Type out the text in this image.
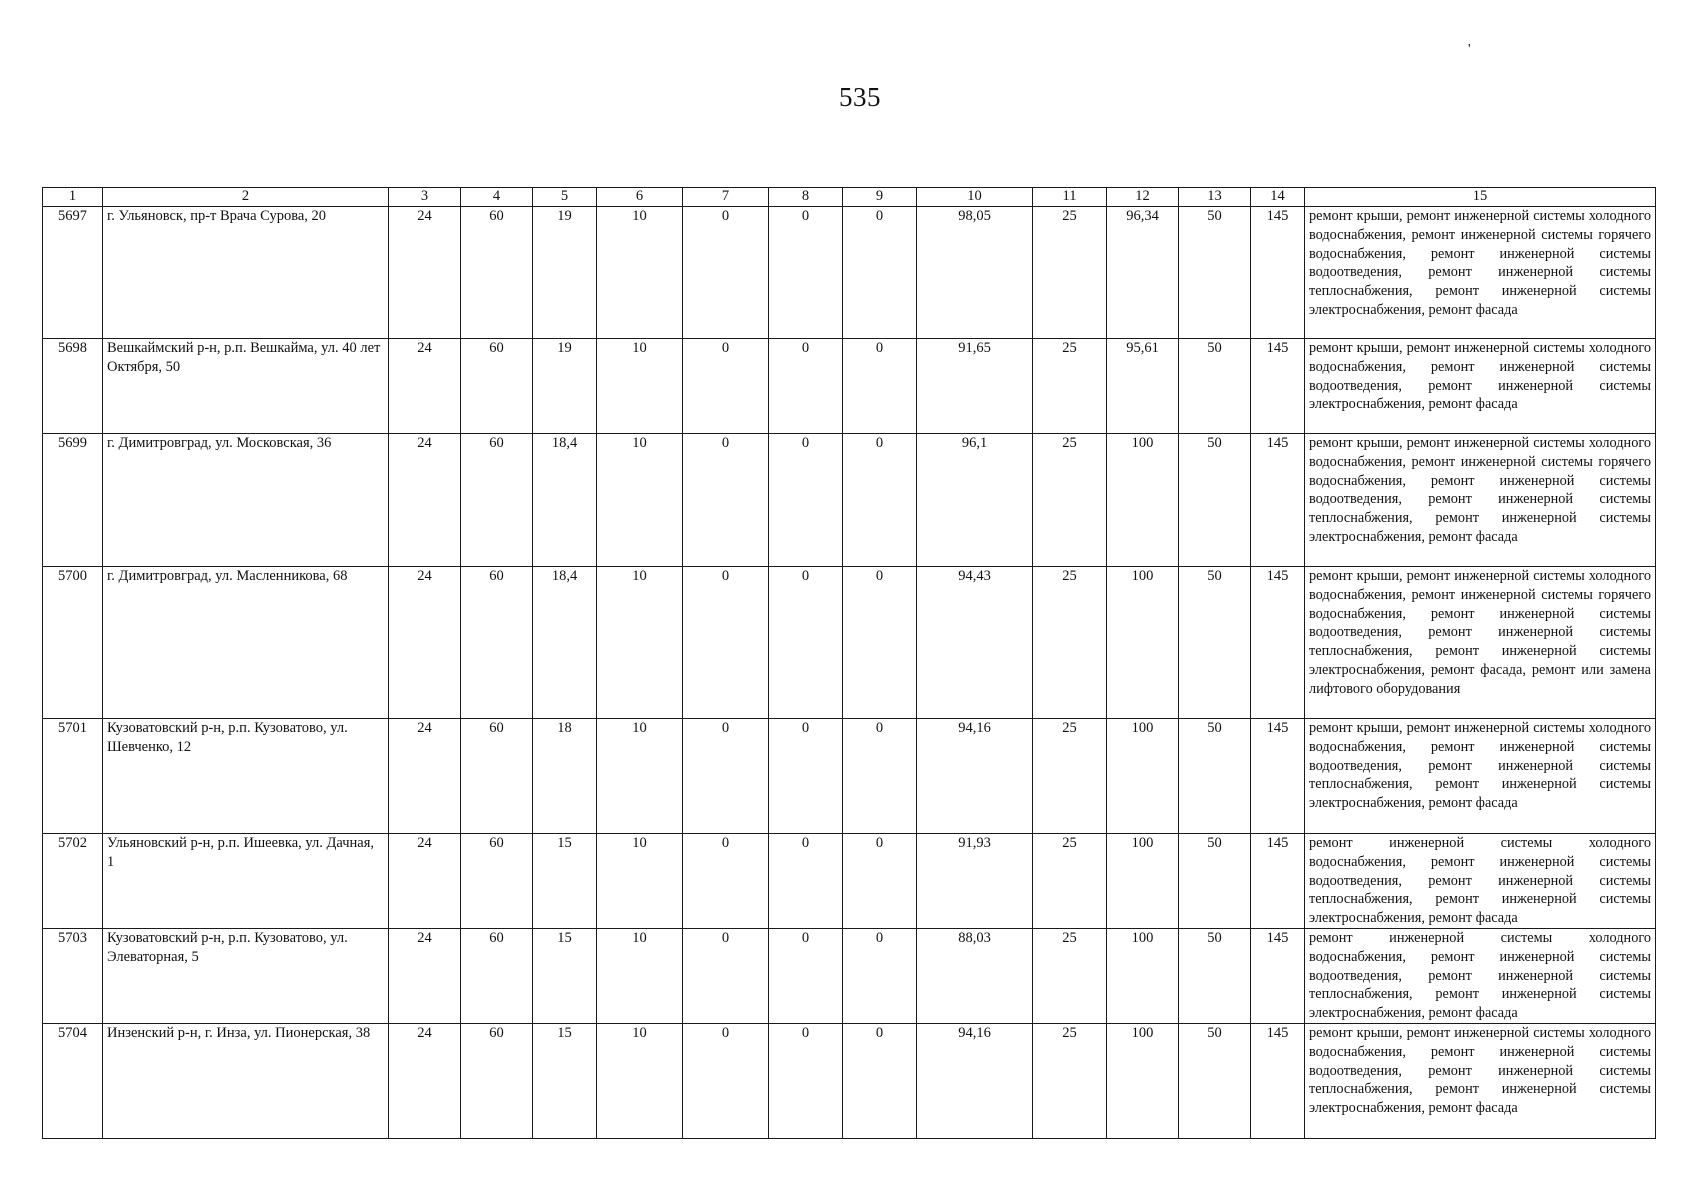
'
535
1	2	3	4	5	6	7	8	9	10	11	12	13	14	15
5697	г. Ульяновск, пр-т Врача Сурова, 20	24	60	19	10	0	0	0	98,05	25	96,34	50	145	ремонт крыши, ремонт инженерной системы холодного водоснабжения, ремонт инженерной системы горячего водоснабжения, ремонт инженерной системы водоотведения, ремонт инженерной системы теплоснабжения, ремонт инженерной системы электроснабжения, ремонт фасада
5698	Вешкаймский р-н, р.п. Вешкайма, ул. 40 лет Октября, 50	24	60	19	10	0	0	0	91,65	25	95,61	50	145	ремонт крыши, ремонт инженерной системы холодного водоснабжения, ремонт инженерной системы водоотведения, ремонт инженерной системы электроснабжения, ремонт фасада
5699	г. Димитровград, ул. Московская, 36	24	60	18,4	10	0	0	0	96,1	25	100	50	145	ремонт крыши, ремонт инженерной системы холодного водоснабжения, ремонт инженерной системы горячего водоснабжения, ремонт инженерной системы водоотведения, ремонт инженерной системы теплоснабжения, ремонт инженерной системы электроснабжения, ремонт фасада
5700	г. Димитровград, ул. Масленникова, 68	24	60	18,4	10	0	0	0	94,43	25	100	50	145	ремонт крыши, ремонт инженерной системы холодного водоснабжения, ремонт инженерной системы горячего водоснабжения, ремонт инженерной системы водоотведения, ремонт инженерной системы теплоснабжения, ремонт инженерной системы электроснабжения, ремонт фасада, ремонт или замена лифтового оборудования
5701	Кузоватовский р-н, р.п. Кузоватово, ул. Шевченко, 12	24	60	18	10	0	0	0	94,16	25	100	50	145	ремонт крыши, ремонт инженерной системы холодного водоснабжения, ремонт инженерной системы водоотведения, ремонт инженерной системы теплоснабжения, ремонт инженерной системы электроснабжения, ремонт фасада
5702	Ульяновский р-н, р.п. Ишеевка, ул. Дачная, 1	24	60	15	10	0	0	0	91,93	25	100	50	145	ремонт инженерной системы холодного водоснабжения, ремонт инженерной системы водоотведения, ремонт инженерной системы теплоснабжения, ремонт инженерной системы электроснабжения, ремонт фасада
5703	Кузоватовский р-н, р.п. Кузоватово, ул. Элеваторная, 5	24	60	15	10	0	0	0	88,03	25	100	50	145	ремонт инженерной системы холодного водоснабжения, ремонт инженерной системы водоотведения, ремонт инженерной системы теплоснабжения, ремонт инженерной системы электроснабжения, ремонт фасада
5704	Инзенский р-н, г. Инза, ул. Пионерская, 38	24	60	15	10	0	0	0	94,16	25	100	50	145	ремонт крыши, ремонт инженерной системы холодного водоснабжения, ремонт инженерной системы водоотведения, ремонт инженерной системы теплоснабжения, ремонт инженерной системы электроснабжения, ремонт фасада
